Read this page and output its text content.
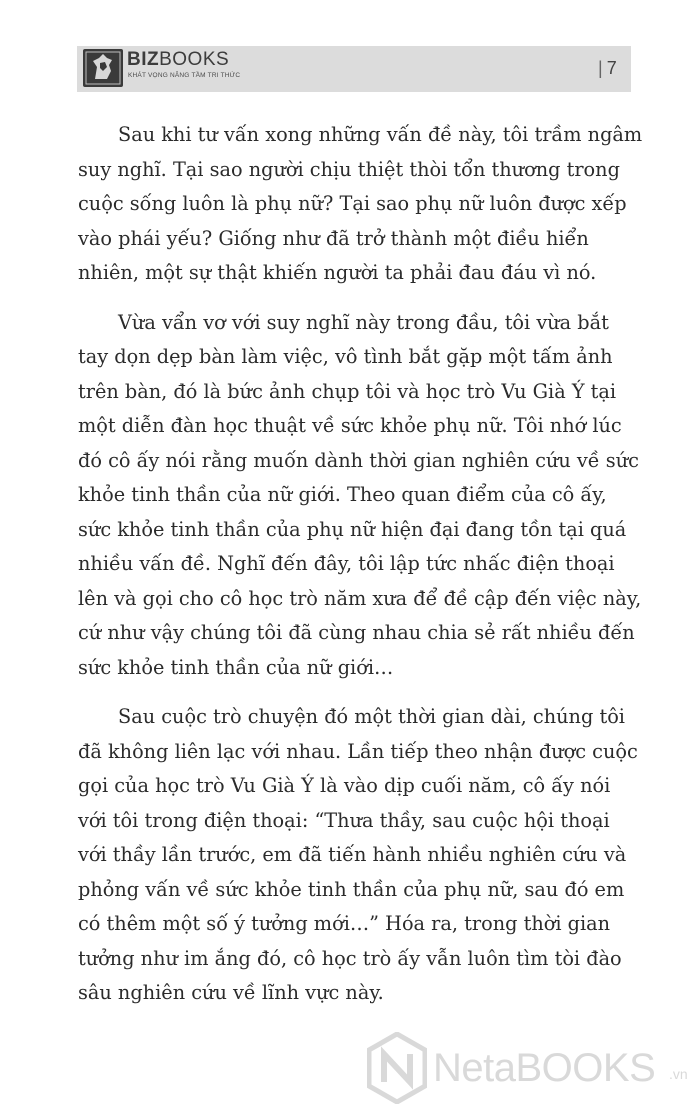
BIZBOOKS
KHÁT VỌNG NÂNG TẦM TRI THỨC	| 7
Sau khi tư vấn xong những vấn đề này, tôi trầm ngâm
suy nghĩ. Tại sao người chịu thiệt thòi tổn thương trong
cuộc sống luôn là phụ nữ? Tại sao phụ nữ luôn được xếp
vào phái yếu? Giống như đã trở thành một điều hiển
nhiên, một sự thật khiến người ta phải đau đáu vì nó.
Vừa vẩn vơ với suy nghĩ này trong đầu, tôi vừa bắt
tay dọn dẹp bàn làm việc, vô tình bắt gặp một tấm ảnh
trên bàn, đó là bức ảnh chụp tôi và học trò Vu Già Ý tại
một diễn đàn học thuật về sức khỏe phụ nữ. Tôi nhớ lúc
đó cô ấy nói rằng muốn dành thời gian nghiên cứu về sức
khỏe tinh thần của nữ giới. Theo quan điểm của cô ấy,
sức khỏe tinh thần của phụ nữ hiện đại đang tồn tại quá
nhiều vấn đề. Nghĩ đến đây, tôi lập tức nhấc điện thoại
lên và gọi cho cô học trò năm xưa để đề cập đến việc này,
cứ như vậy chúng tôi đã cùng nhau chia sẻ rất nhiều đến
sức khỏe tinh thần của nữ giới…
Sau cuộc trò chuyện đó một thời gian dài, chúng tôi
đã không liên lạc với nhau. Lần tiếp theo nhận được cuộc
gọi của học trò Vu Già Ý là vào dịp cuối năm, cô ấy nói
với tôi trong điện thoại: “Thưa thầy, sau cuộc hội thoại
với thầy lần trước, em đã tiến hành nhiều nghiên cứu và
phỏng vấn về sức khỏe tinh thần của phụ nữ, sau đó em
có thêm một số ý tưởng mới…” Hóa ra, trong thời gian
tưởng như im ắng đó, cô học trò ấy vẫn luôn tìm tòi đào
sâu nghiên cứu về lĩnh vực này.
NetaBOOKS .vn
